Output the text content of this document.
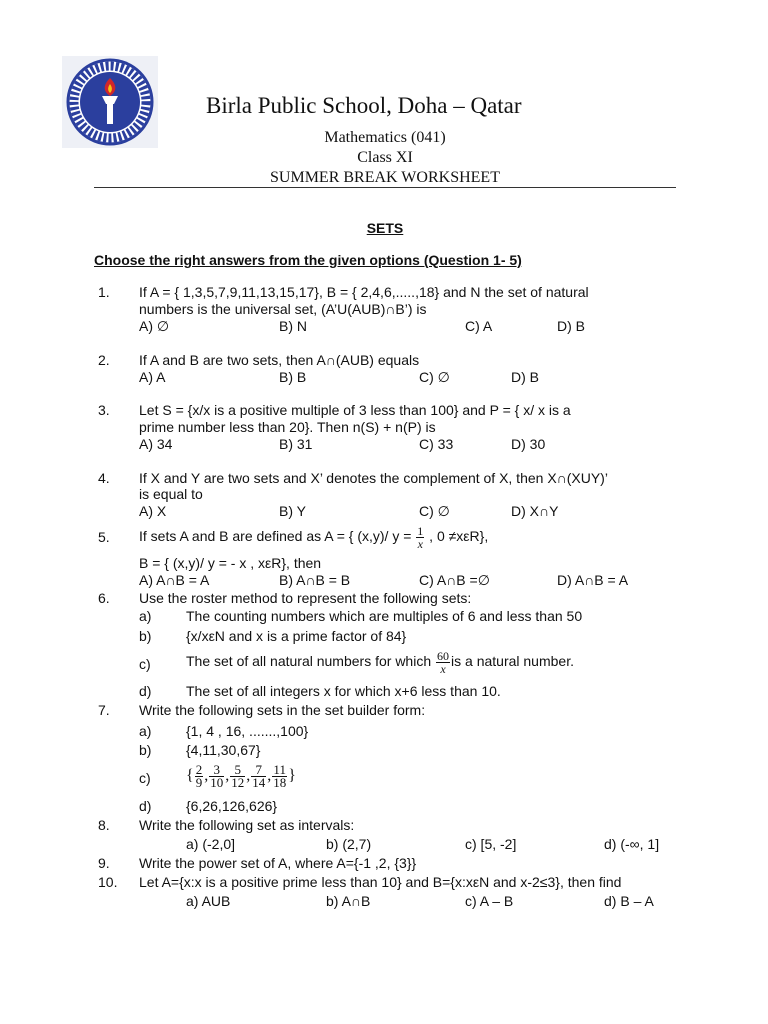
Birla Public School, Doha – Qatar
Mathematics (041)
Class XI
SUMMER BREAK WORKSHEET
SETS
Choose the right answers from the given options (Question 1- 5)
1. If A = { 1,3,5,7,9,11,13,15,17}, B = { 2,4,6,.....,18} and N the set of natural
numbers is the universal set, (A’U(AUB)∩B’) is
A) ∅	B) N	C) A	D) B
2. If A and B are two sets, then A∩(AUB) equals
A) A	B) B	C) ∅	D) B
3. Let S = {x/x is a positive multiple of 3 less than 100} and P = { x/ x is a
prime number less than 20}. Then n(S) + n(P) is
A) 34	B) 31	C) 33	D) 30
4. If X and Y are two sets and X’ denotes the complement of X, then X∩(XUY)’
is equal to
A) X	B) Y	C) ∅	D) X∩Y
5. If sets A and B are defined as A = { (x,y)/ $y = \frac{1}{x}$ , 0 ≠xεR},
B = { (x,y)/ y = - x , xεR}, then
A) A∩B = A	B) A∩B = B	C) A∩B =∅	D) A∩B = A
6. Use the roster method to represent the following sets:
a) The counting numbers which are multiples of 6 and less than 50
b) {x/xεN and x is a prime factor of 84}
c)	The set of all natural numbers for which $\frac{60}{x}$ is a natural number.
d) The set of all integers x for which x+6 less than 10.
7. Write the following sets in the set builder form:
a) {1, 4 , 16, .......,100}
b) {4,11,30,67}
c) { $\frac{2}{9}$ , $\frac{3}{10}$ , $\frac{5}{12}$ , $\frac{7}{14}$ , $\frac{11}{18}$ }
d) {6,26,126,626}
8. Write the following set as intervals:
a) (-2,0]	b) (2,7)	c) [5, -2]	d) (-∞, 1]
9. Write the power set of A, where A={-1 ,2, {3}}
10. Let A={x:x is a positive prime less than 10} and B={x:xεN and x-2≤3}, then find
a) AUB	b) A∩B	c) A – B	d) B – A
